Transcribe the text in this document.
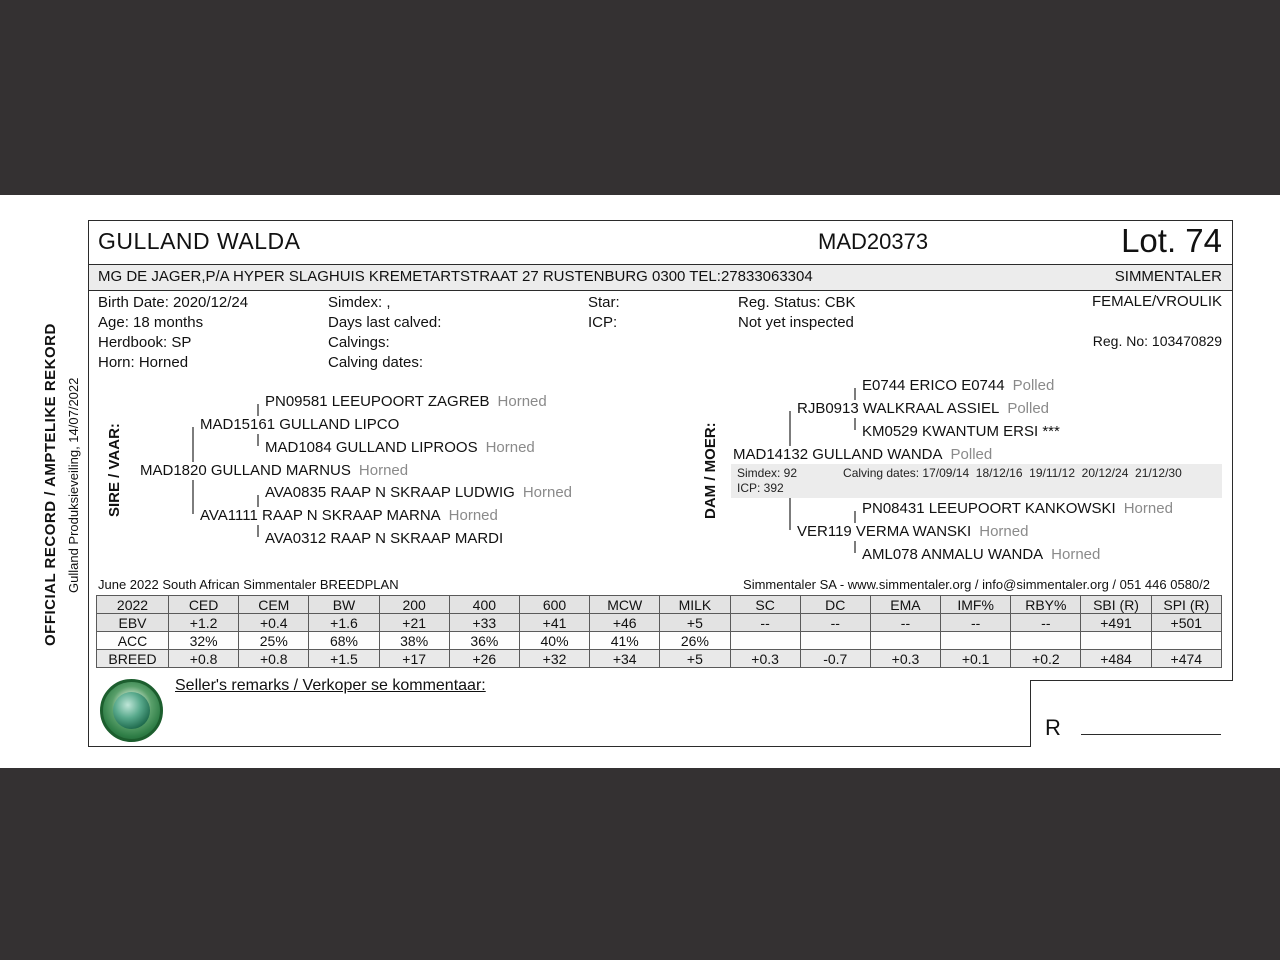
OFFICIAL RECORD / AMPTELIKE REKORD Gulland Produksieveiling, 14/07/2022
GULLAND WALDA	MAD20373	Lot. 74
MG DE JAGER,P/A HYPER SLAGHUIS KREMETARTSTRAAT 27 RUSTENBURG 0300 TEL:27833063304	SIMMENTALER
Birth Date: 2020/12/24
Age: 18 months
Herdbook: SP
Horn: Horned
Simdex: ,
Days last calved:
Calvings:
Calving dates:
Star:
ICP:
Reg. Status: CBK
Not yet inspected
FEMALE/VROULIK
Reg. No: 103470829
SIRE / VAAR:
PN09581 LEEUPOORT ZAGREB Horned
MAD15161 GULLAND LIPCO
MAD1084 GULLAND LIPROOS Horned
MAD1820 GULLAND MARNUS Horned
AVA0835 RAAP N SKRAAP LUDWIG Horned
AVA1111 RAAP N SKRAAP MARNA Horned
AVA0312 RAAP N SKRAAP MARDI
DAM / MOER:
E0744 ERICO E0744 Polled
RJB0913 WALKRAAL ASSIEL Polled
KM0529 KWANTUM ERSI ***
MAD14132 GULLAND WANDA Polled
Simdex: 92	Calving dates: 17/09/14  18/12/16  19/11/12  20/12/24  21/12/30
ICP: 392
PN08431 LEEUPOORT KANKOWSKI Horned
VER119 VERMA WANSKI Horned
AML078 ANMALU WANDA Horned
June 2022 South African Simmentaler BREEDPLAN	Simmentaler SA - www.simmentaler.org / info@simmentaler.org / 051 446 0580/2
2022	CED	CEM	BW	200	400	600	MCW	MILK	SC	DC	EMA	IMF%	RBY%	SBI (R)	SPI (R)
EBV	+1.2	+0.4	+1.6	+21	+33	+41	+46	+5	--	--	--	--	--	+491	+501
ACC	32%	25%	68%	38%	36%	40%	41%	26%							
BREED	+0.8	+0.8	+1.5	+17	+26	+32	+34	+5	+0.3	-0.7	+0.3	+0.1	+0.2	+484	+474
Seller's remarks / Verkoper se kommentaar:
R
